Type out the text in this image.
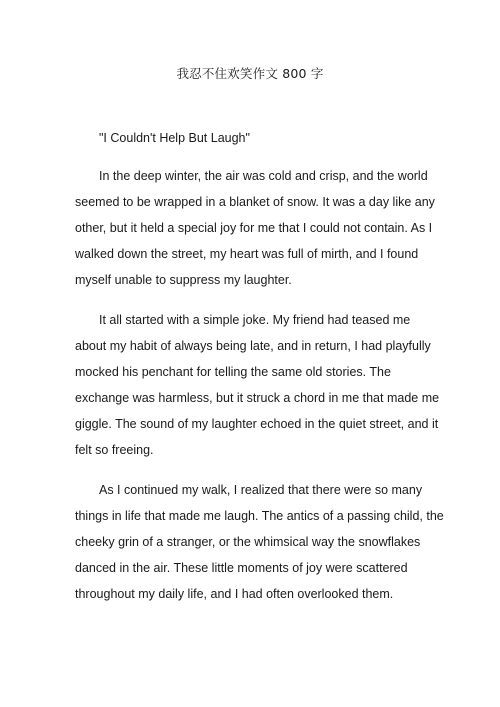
我忍不住欢笑作文 800 字
"I Couldn't Help But Laugh"
In the deep winter, the air was cold and crisp, and the world
seemed to be wrapped in a blanket of snow. It was a day like any
other, but it held a special joy for me that I could not contain. As I
walked down the street, my heart was full of mirth, and I found
myself unable to suppress my laughter.
It all started with a simple joke. My friend had teased me
about my habit of always being late, and in return, I had playfully
mocked his penchant for telling the same old stories. The
exchange was harmless, but it struck a chord in me that made me
giggle. The sound of my laughter echoed in the quiet street, and it
felt so freeing.
As I continued my walk, I realized that there were so many
things in life that made me laugh. The antics of a passing child, the
cheeky grin of a stranger, or the whimsical way the snowflakes
danced in the air. These little moments of joy were scattered
throughout my daily life, and I had often overlooked them.
